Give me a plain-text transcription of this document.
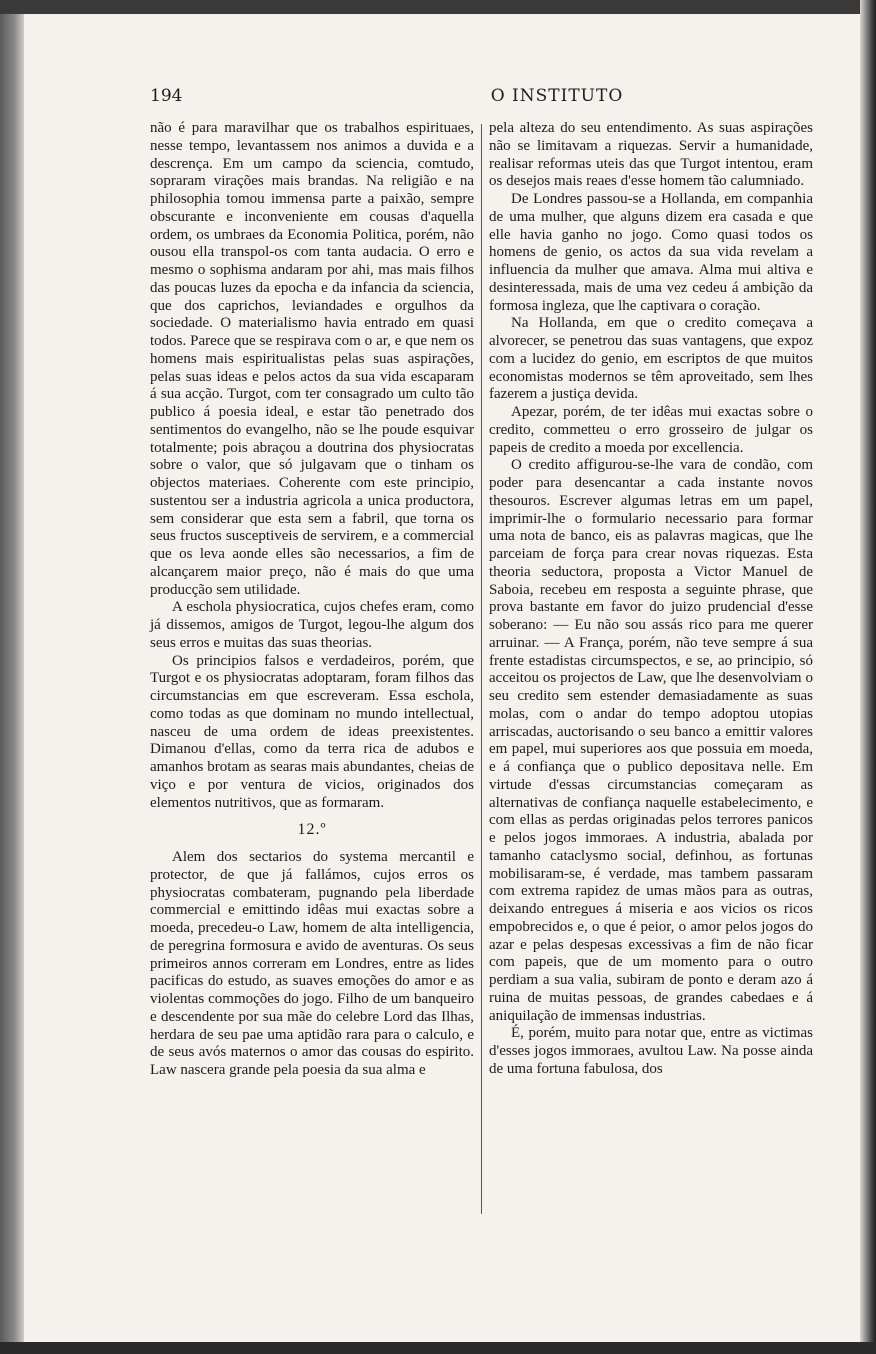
194	O INSTITUTO

não é para maravilhar que os trabalhos espirituaes, nesse tempo, levantassem nos animos a duvida e a descrença. Em um campo da sciencia, comtudo, sopraram virações mais brandas. Na religião e na philosophia tomou immensa parte a paixão, sempre obscurante e inconveniente em cousas d'aquella ordem, os umbraes da Economia Politica, porém, não ousou ella transpol-os com tanta audacia. O erro e mesmo o sophisma andaram por ahi, mas mais filhos das poucas luzes da epocha e da infancia da sciencia, que dos caprichos, leviandades e orgulhos da sociedade. O materialismo havia entrado em quasi todos. Parece que se respirava com o ar, e que nem os homens mais espiritualistas pelas suas aspirações, pelas suas ideas e pelos actos da sua vida escaparam á sua acção. Turgot, com ter consagrado um culto tão publico á poesia ideal, e estar tão penetrado dos sentimentos do evangelho, não se lhe poude esquivar totalmente; pois abraçou a doutrina dos physiocratas sobre o valor, que só julgavam que o tinham os objectos materiaes. Coherente com este principio, sustentou ser a industria agricola a unica productora, sem considerar que esta sem a fabril, que torna os seus fructos susceptiveis de servirem, e a commercial que os leva aonde elles são necessarios, a fim de alcançarem maior preço, não é mais do que uma producção sem utilidade.

A eschola physiocratica, cujos chefes eram, como já dissemos, amigos de Turgot, legou-lhe algum dos seus erros e muitas das suas theorias.

Os principios falsos e verdadeiros, porém, que Turgot e os physiocratas adoptaram, foram filhos das circumstancias em que escreveram. Essa eschola, como todas as que dominam no mundo intellectual, nasceu de uma ordem de ideas preexistentes. Dimanou d'ellas, como da terra rica de adubos e amanhos brotam as searas mais abundantes, cheias de viço e por ventura de vicios, originados dos elementos nutritivos, que as formaram.

12.º

Alem dos sectarios do systema mercantil e protector, de que já fallámos, cujos erros os physiocratas combateram, pugnando pela liberdade commercial e emittindo idêas mui exactas sobre a moeda, precedeu-o Law, homem de alta intelligencia, de peregrina formosura e avido de aventuras. Os seus primeiros annos correram em Londres, entre as lides pacificas do estudo, as suaves emoções do amor e as violentas commoções do jogo. Filho de um banqueiro e descendente por sua mãe do celebre Lord das Ilhas, herdara de seu pae uma aptidão rara para o calculo, e de seus avós maternos o amor das cousas do espirito. Law nascera grande pela poesia da sua alma e

pela alteza do seu entendimento. As suas aspirações não se limitavam a riquezas. Servir a humanidade, realisar reformas uteis das que Turgot intentou, eram os desejos mais reaes d'esse homem tão calumniado.

De Londres passou-se a Hollanda, em companhia de uma mulher, que alguns dizem era casada e que elle havia ganho no jogo. Como quasi todos os homens de genio, os actos da sua vida revelam a influencia da mulher que amava. Alma mui altiva e desinteressada, mais de uma vez cedeu á ambição da formosa ingleza, que lhe captivara o coração.

Na Hollanda, em que o credito começava a alvorecer, se penetrou das suas vantagens, que expoz com a lucidez do genio, em escriptos de que muitos economistas modernos se têm aproveitado, sem lhes fazerem a justiça devida.

Apezar, porém, de ter idêas mui exactas sobre o credito, commetteu o erro grosseiro de julgar os papeis de credito a moeda por excellencia.

O credito affigurou-se-lhe vara de condão, com poder para desencantar a cada instante novos thesouros. Escrever algumas letras em um papel, imprimir-lhe o formulario necessario para formar uma nota de banco, eis as palavras magicas, que lhe parceiam de força para crear novas riquezas. Esta theoria seductora, proposta a Victor Manuel de Saboia, recebeu em resposta a seguinte phrase, que prova bastante em favor do juizo prudencial d'esse soberano: — Eu não sou assás rico para me querer arruinar. — A França, porém, não teve sempre á sua frente estadistas circumspectos, e se, ao principio, só acceitou os projectos de Law, que lhe desenvolviam o seu credito sem estender demasiadamente as suas molas, com o andar do tempo adoptou utopias arriscadas, auctorisando o seu banco a emittir valores em papel, mui superiores aos que possuia em moeda, e á confiança que o publico depositava nelle. Em virtude d'essas circumstancias começaram as alternativas de confiança naquelle estabelecimento, e com ellas as perdas originadas pelos terrores panicos e pelos jogos immoraes. A industria, abalada por tamanho cataclysmo social, definhou, as fortunas mobilisaram-se, é verdade, mas tambem passaram com extrema rapidez de umas mãos para as outras, deixando entregues á miseria e aos vicios os ricos empobrecidos e, o que é peior, o amor pelos jogos do azar e pelas despesas excessivas a fim de não ficar com papeis, que de um momento para o outro perdiam a sua valia, subiram de ponto e deram azo á ruina de muitas pessoas, de grandes cabedaes e á aniquilação de immensas industrias.

É, porém, muito para notar que, entre as victimas d'esses jogos immoraes, avultou Law. Na posse ainda de uma fortuna fabulosa, dos
